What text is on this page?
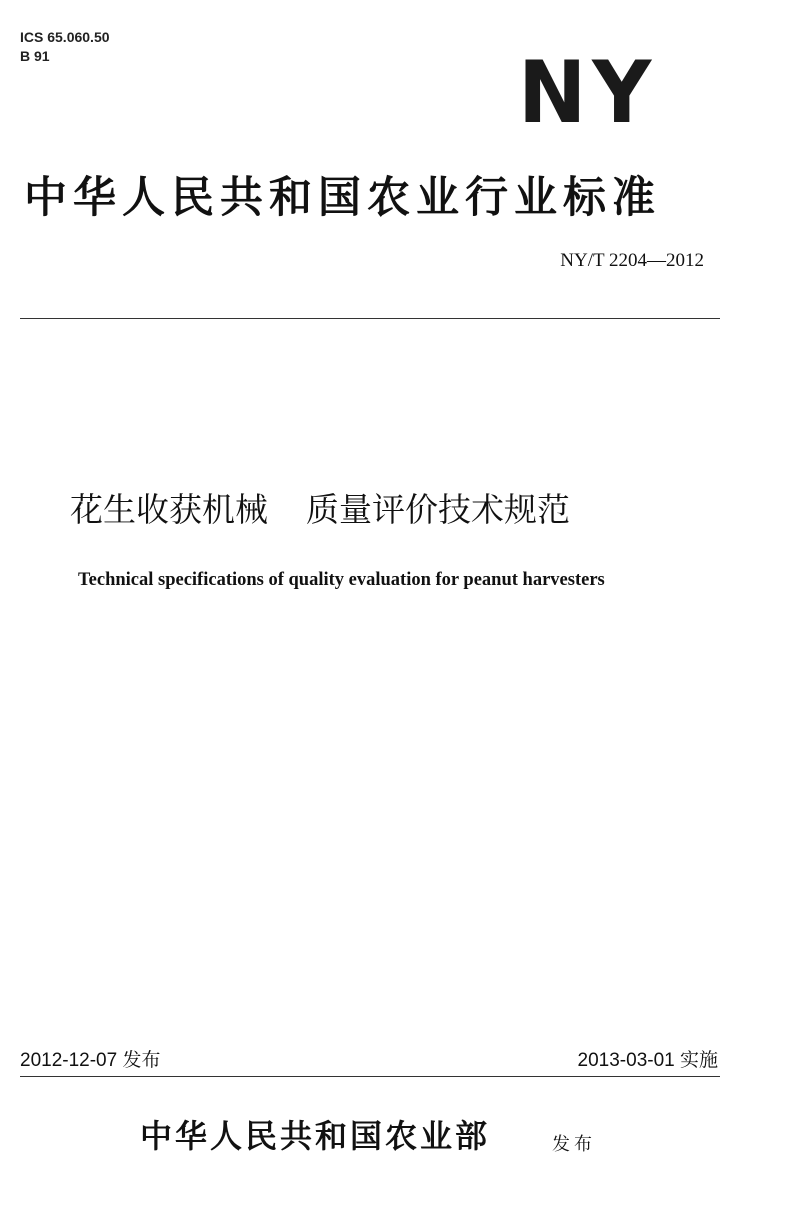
ICS 65.060.50
B 91	NY
中华人民共和国农业行业标准
NY/T 2204—2012
花生收获机械 质量评价技术规范
Technical specifications of quality evaluation for peanut harvesters
2012-12-07 发布	2013-03-01 实施
中华人民共和国农业部	发布
